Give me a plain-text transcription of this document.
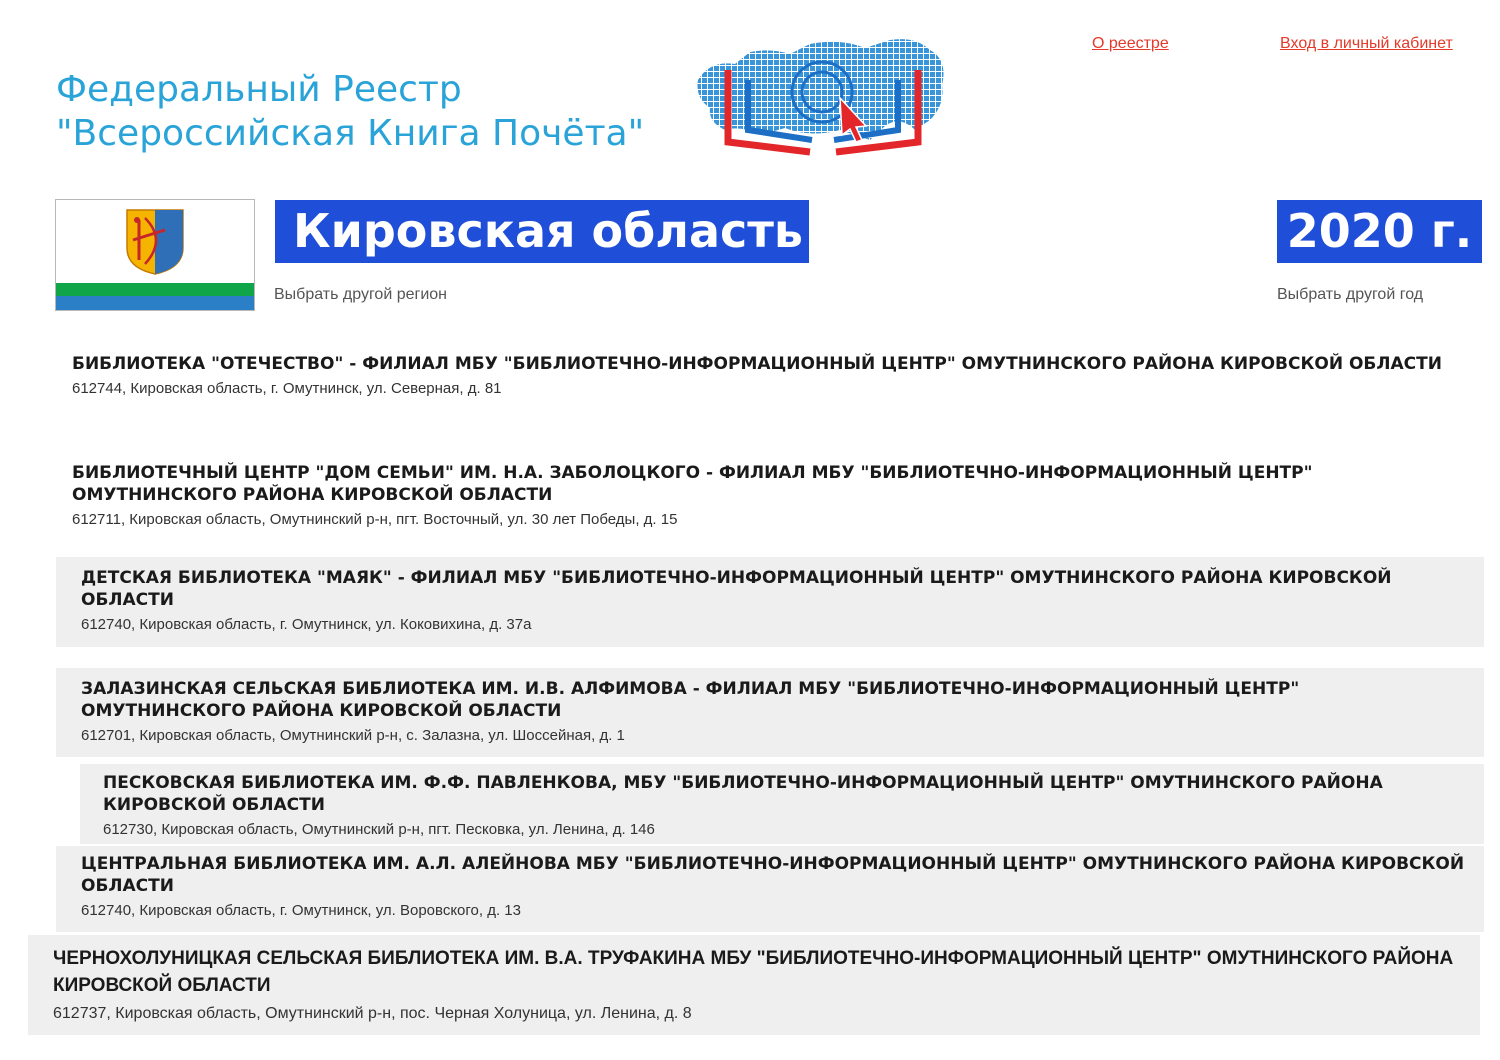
Федеральный Реестр
"Всероссийская Книга Почёта"
О реестре	Вход в личный кабинет
Кировская область
Выбрать другой регион
2020 г.
Выбрать другой год
БИБЛИОТЕКА "ОТЕЧЕСТВО" - ФИЛИАЛ МБУ "БИБЛИОТЕЧНО-ИНФОРМАЦИОННЫЙ ЦЕНТР" ОМУТНИНСКОГО РАЙОНА КИРОВСКОЙ ОБЛАСТИ
612744, Кировская область, г. Омутнинск, ул. Северная, д. 81
БИБЛИОТЕЧНЫЙ ЦЕНТР "ДОМ СЕМЬИ" ИМ. Н.А. ЗАБОЛОЦКОГО - ФИЛИАЛ МБУ "БИБЛИОТЕЧНО-ИНФОРМАЦИОННЫЙ ЦЕНТР" ОМУТНИНСКОГО РАЙОНА КИРОВСКОЙ ОБЛАСТИ
612711, Кировская область, Омутнинский р-н, пгт. Восточный, ул. 30 лет Победы, д. 15
ДЕТСКАЯ БИБЛИОТЕКА "МАЯК" - ФИЛИАЛ МБУ "БИБЛИОТЕЧНО-ИНФОРМАЦИОННЫЙ ЦЕНТР" ОМУТНИНСКОГО РАЙОНА КИРОВСКОЙ ОБЛАСТИ
612740, Кировская область, г. Омутнинск, ул. Коковихина, д. 37а
ЗАЛАЗИНСКАЯ СЕЛЬСКАЯ БИБЛИОТЕКА ИМ. И.В. АЛФИМОВА - ФИЛИАЛ МБУ "БИБЛИОТЕЧНО-ИНФОРМАЦИОННЫЙ ЦЕНТР" ОМУТНИНСКОГО РАЙОНА КИРОВСКОЙ ОБЛАСТИ
612701, Кировская область, Омутнинский р-н, с. Залазна, ул. Шоссейная, д. 1
ПЕСКОВСКАЯ БИБЛИОТЕКА ИМ. Ф.Ф. ПАВЛЕНКОВА, МБУ "БИБЛИОТЕЧНО-ИНФОРМАЦИОННЫЙ ЦЕНТР" ОМУТНИНСКОГО РАЙОНА КИРОВСКОЙ ОБЛАСТИ
612730, Кировская область, Омутнинский р-н, пгт. Песковка, ул. Ленина, д. 146
ЦЕНТРАЛЬНАЯ БИБЛИОТЕКА ИМ. А.Л. АЛЕЙНОВА МБУ "БИБЛИОТЕЧНО-ИНФОРМАЦИОННЫЙ ЦЕНТР" ОМУТНИНСКОГО РАЙОНА КИРОВСКОЙ ОБЛАСТИ
612740, Кировская область, г. Омутнинск, ул. Воровского, д. 13
ЧЕРНОХОЛУНИЦКАЯ СЕЛЬСКАЯ БИБЛИОТЕКА ИМ. В.А. ТРУФАКИНА МБУ "БИБЛИОТЕЧНО-ИНФОРМАЦИОННЫЙ ЦЕНТР" ОМУТНИНСКОГО РАЙОНА КИРОВСКОЙ ОБЛАСТИ
612737, Кировская область, Омутнинский р-н, пос. Черная Холуница, ул. Ленина, д. 8
